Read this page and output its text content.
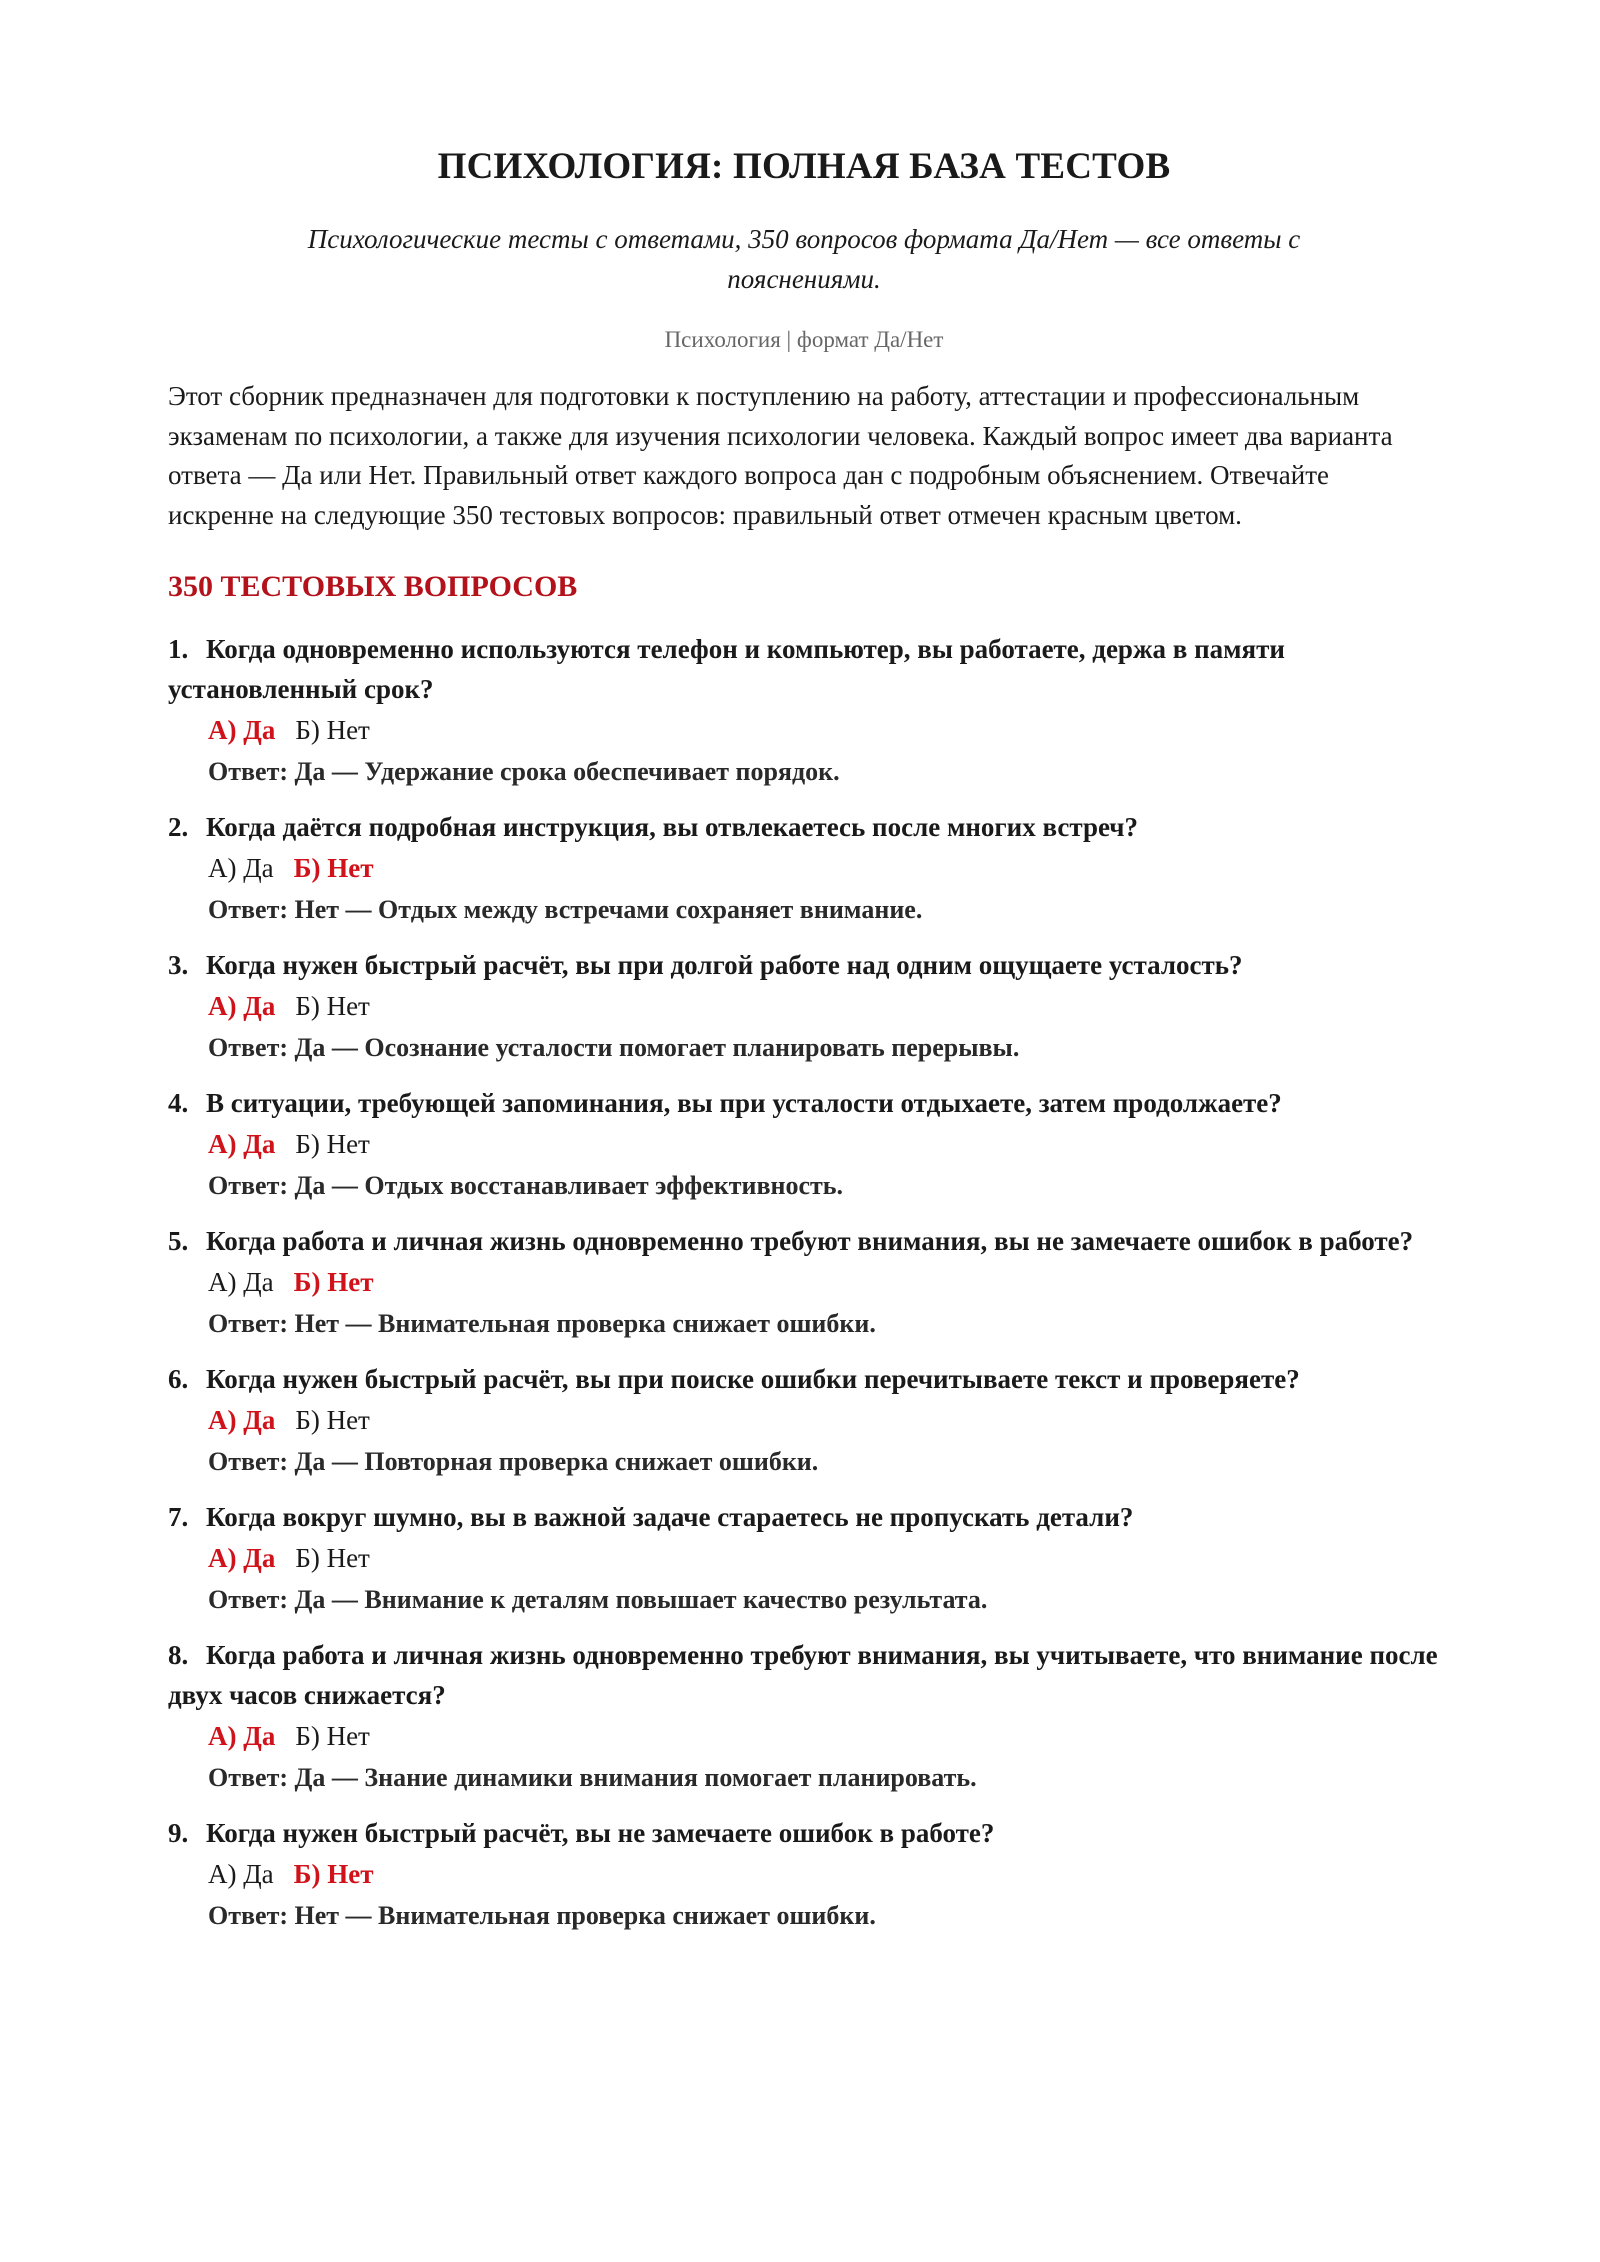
ПСИХОЛОГИЯ: ПОЛНАЯ БАЗА ТЕСТОВ
Психологические тесты с ответами, 350 вопросов формата Да/Нет — все ответы с пояснениями.
Психология | формат Да/Нет

Этот сборник предназначен для подготовки к поступлению на работу, аттестации и профессиональным экзаменам по психологии, а также для изучения психологии человека. Каждый вопрос имеет два варианта ответа — Да или Нет. Правильный ответ каждого вопроса дан с подробным объяснением. Отвечайте искренне на следующие 350 тестовых вопросов: правильный ответ отмечен красным цветом.

350 ТЕСТОВЫХ ВОПРОСОВ

1. Когда одновременно используются телефон и компьютер, вы работаете, держа в памяти установленный срок?

А) Да Б) Нет

Ответ: Да — Удержание срока обеспечивает порядок.

2. Когда даётся подробная инструкция, вы отвлекаетесь после многих встреч?

А) Да Б) Нет

Ответ: Нет — Отдых между встречами сохраняет внимание.

3. Когда нужен быстрый расчёт, вы при долгой работе над одним ощущаете усталость?

А) Да Б) Нет

Ответ: Да — Осознание усталости помогает планировать перерывы.

4. В ситуации, требующей запоминания, вы при усталости отдыхаете, затем продолжаете?

А) Да Б) Нет

Ответ: Да — Отдых восстанавливает эффективность.

5. Когда работа и личная жизнь одновременно требуют внимания, вы не замечаете ошибок в работе?

А) Да Б) Нет

Ответ: Нет — Внимательная проверка снижает ошибки.

6. Когда нужен быстрый расчёт, вы при поиске ошибки перечитываете текст и проверяете?

А) Да Б) Нет

Ответ: Да — Повторная проверка снижает ошибки.

7. Когда вокруг шумно, вы в важной задаче стараетесь не пропускать детали?

А) Да Б) Нет

Ответ: Да — Внимание к деталям повышает качество результата.

8. Когда работа и личная жизнь одновременно требуют внимания, вы учитываете, что внимание после двух часов снижается?

А) Да Б) Нет

Ответ: Да — Знание динамики внимания помогает планировать.

9. Когда нужен быстрый расчёт, вы не замечаете ошибок в работе?

А) Да Б) Нет

Ответ: Нет — Внимательная проверка снижает ошибки.
